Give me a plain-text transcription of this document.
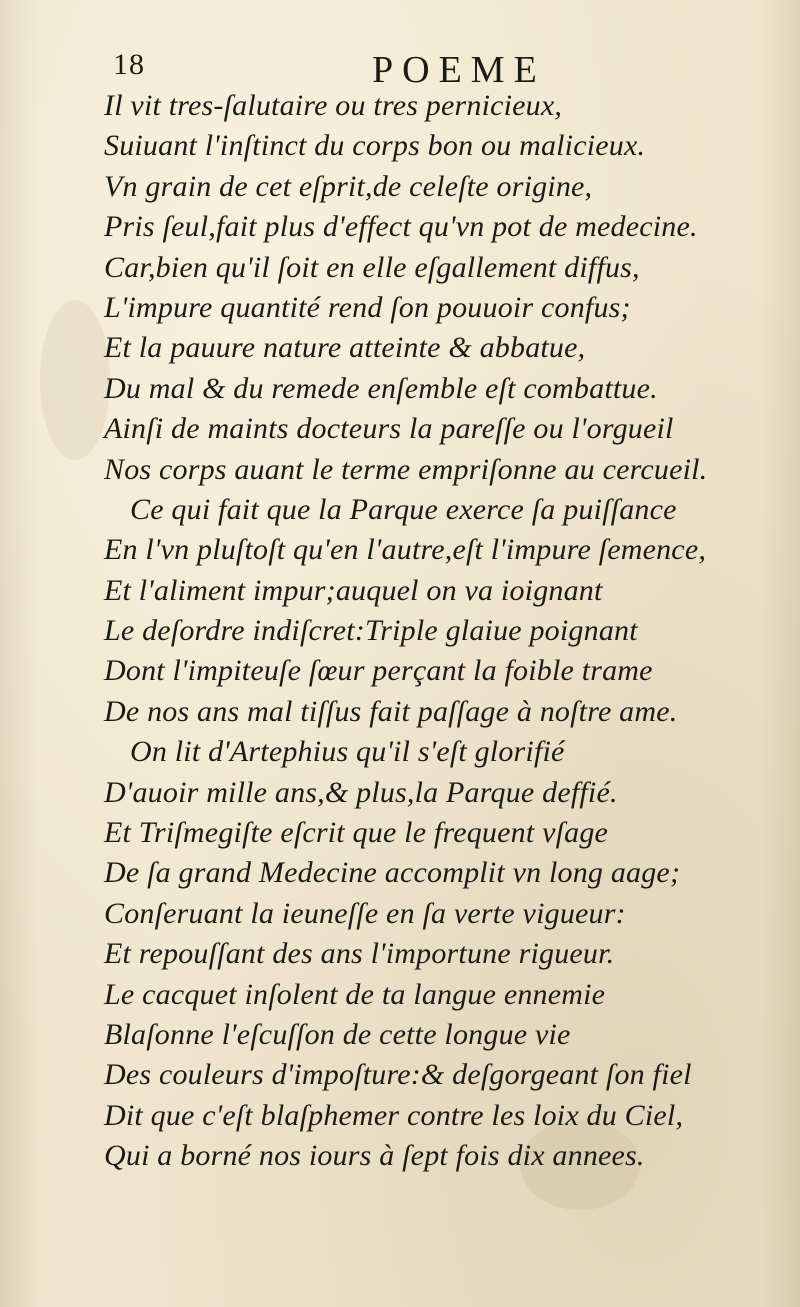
18	POEME
Il vit tres-ſalutaire ou tres pernicieux,
Suiuant l'inſtinct du corps bon ou malicieux.
Vn grain de cet eſprit,de celeſte origine,
Pris ſeul,fait plus d'effect qu'vn pot de medecine.
Car,bien qu'il ſoit en elle eſgallement diffus,
L'impure quantité rend ſon pouuoir confus;
Et la pauure nature atteinte & abbatue,
Du mal & du remede enſemble eſt combattue.
Ainſi de maints docteurs la pareſſe ou l'orgueil
Nos corps auant le terme empriſonne au cercueil.
Ce qui fait que la Parque exerce ſa puiſſance
En l'vn pluſtoſt qu'en l'autre,eſt l'impure ſemence,
Et l'aliment impur;auquel on va ioignant
Le deſordre indiſcret:Triple glaiue poignant
Dont l'impiteuſe ſœur perçant la foible trame
De nos ans mal tiſſus fait paſſage à noſtre ame.
On lit d'Artephius qu'il s'eſt glorifié
D'auoir mille ans,& plus,la Parque deffié.
Et Triſmegiſte eſcrit que le frequent vſage
De ſa grand Medecine accomplit vn long aage;
Conſeruant la ieuneſſe en ſa verte vigueur:
Et repouſſant des ans l'importune rigueur.
Le cacquet inſolent de ta langue ennemie
Blaſonne l'eſcuſſon de cette longue vie
Des couleurs d'impoſture:& deſgorgeant ſon fiel
Dit que c'eſt blaſphemer contre les loix du Ciel,
Qui a borné nos iours à ſept fois dix annees.
